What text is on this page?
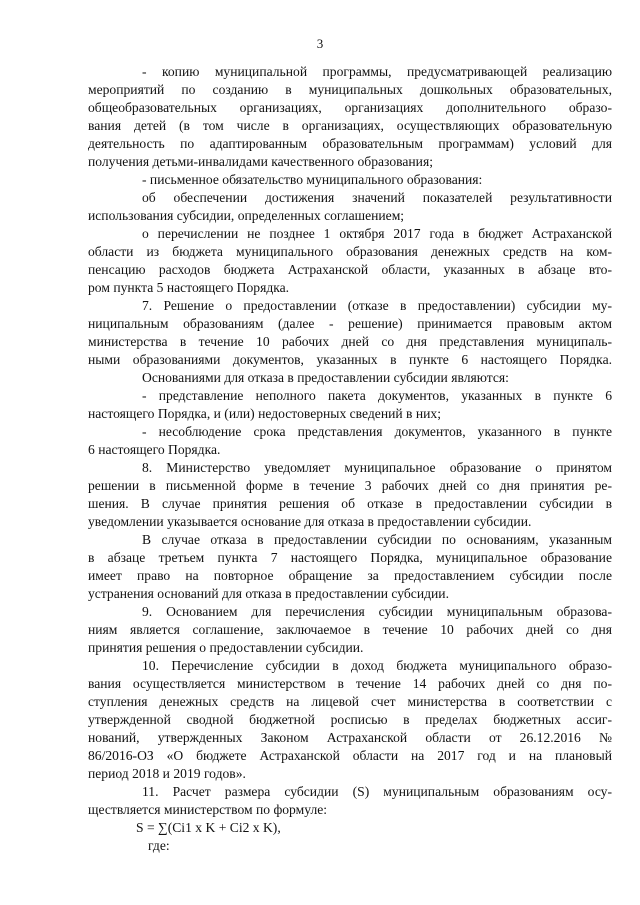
3
- копию муниципальной программы, предусматривающей реализацию
мероприятий по созданию в муниципальных дошкольных образовательных,
общеобразовательных организациях, организациях дополнительного образо-
вания детей (в том числе в организациях, осуществляющих образовательную
деятельность по адаптированным образовательным программам) условий для
получения детьми-инвалидами качественного образования;
- письменное обязательство муниципального образования:
об обеспечении достижения значений показателей результативности
использования субсидии, определенных соглашением;
о перечислении не позднее 1 октября 2017 года в бюджет Астраханской
области из бюджета муниципального образования денежных средств на ком-
пенсацию расходов бюджета Астраханской области, указанных в абзаце вто-
ром пункта 5 настоящего Порядка.
7. Решение о предоставлении (отказе в предоставлении) субсидии му-
ниципальным образованиям (далее - решение) принимается правовым актом
министерства в течение 10 рабочих дней со дня представления муниципаль-
ными образованиями документов, указанных в пункте 6 настоящего Порядка.
Основаниями для отказа в предоставлении субсидии являются:
- представление неполного пакета документов, указанных в пункте 6
настоящего Порядка, и (или) недостоверных сведений в них;
- несоблюдение срока представления документов, указанного в пункте
6 настоящего Порядка.
8. Министерство уведомляет муниципальное образование о принятом
решении в письменной форме в течение 3 рабочих дней со дня принятия ре-
шения. В случае принятия решения об отказе в предоставлении субсидии в
уведомлении указывается основание для отказа в предоставлении субсидии.
В случае отказа в предоставлении субсидии по основаниям, указанным
в абзаце третьем пункта 7 настоящего Порядка, муниципальное образование
имеет право на повторное обращение за предоставлением субсидии после
устранения оснований для отказа в предоставлении субсидии.
9. Основанием для перечисления субсидии муниципальным образова-
ниям является соглашение, заключаемое в течение 10 рабочих дней со дня
принятия решения о предоставлении субсидии.
10. Перечисление субсидии в доход бюджета муниципального образо-
вания осуществляется министерством в течение 14 рабочих дней со дня по-
ступления денежных средств на лицевой счет министерства в соответствии с
утвержденной сводной бюджетной росписью в пределах бюджетных ассиг-
нований, утвержденных Законом Астраханской области от 26.12.2016 №
86/2016-ОЗ «О бюджете Астраханской области на 2017 год и на плановый
период 2018 и 2019 годов».
11. Расчет размера субсидии (S) муниципальным образованиям осу-
ществляется министерством по формуле:
S = ∑(Ci1 x K + Ci2 x K),
где:
